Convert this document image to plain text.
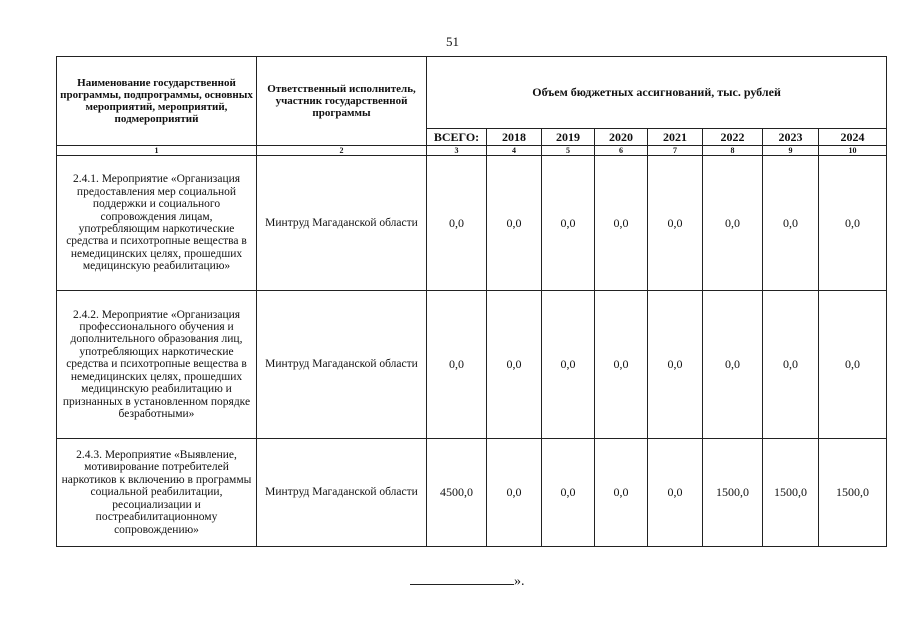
51
Наименование государственной программы, подпрограммы, основных мероприятий, мероприятий, подмероприятий	Ответственный исполнитель, участник государственной программы	Объем бюджетных ассигнований, тыс. рублей							
		ВСЕГО:	2018	2019	2020	2021	2022	2023	2024
1	2	3	4	5	6	7	8	9	10
2.4.1. Мероприятие «Организация предоставления мер социальной поддержки и социального сопровождения лицам, употребляющим наркотические средства и психотропные вещества в немедицинских целях, прошедших медицинскую реабилитацию»	Минтруд Магаданской области	0,0	0,0	0,0	0,0	0,0	0,0	0,0	0,0
2.4.2. Мероприятие «Организация профессионального обучения и дополнительного образования лиц, употребляющих наркотические средства и психотропные вещества в немедицинских целях, прошедших медицинскую реабилитацию и признанных в установленном порядке безработными»	Минтруд Магаданской области	0,0	0,0	0,0	0,0	0,0	0,0	0,0	0,0
2.4.3. Мероприятие «Выявление, мотивирование потребителей наркотиков к включению в программы социальной реабилитации, ресоциализации и постреабилитационному сопровождению»	Минтруд Магаданской области	4500,0	0,0	0,0	0,0	0,0	1500,0	1500,0	1500,0
».
